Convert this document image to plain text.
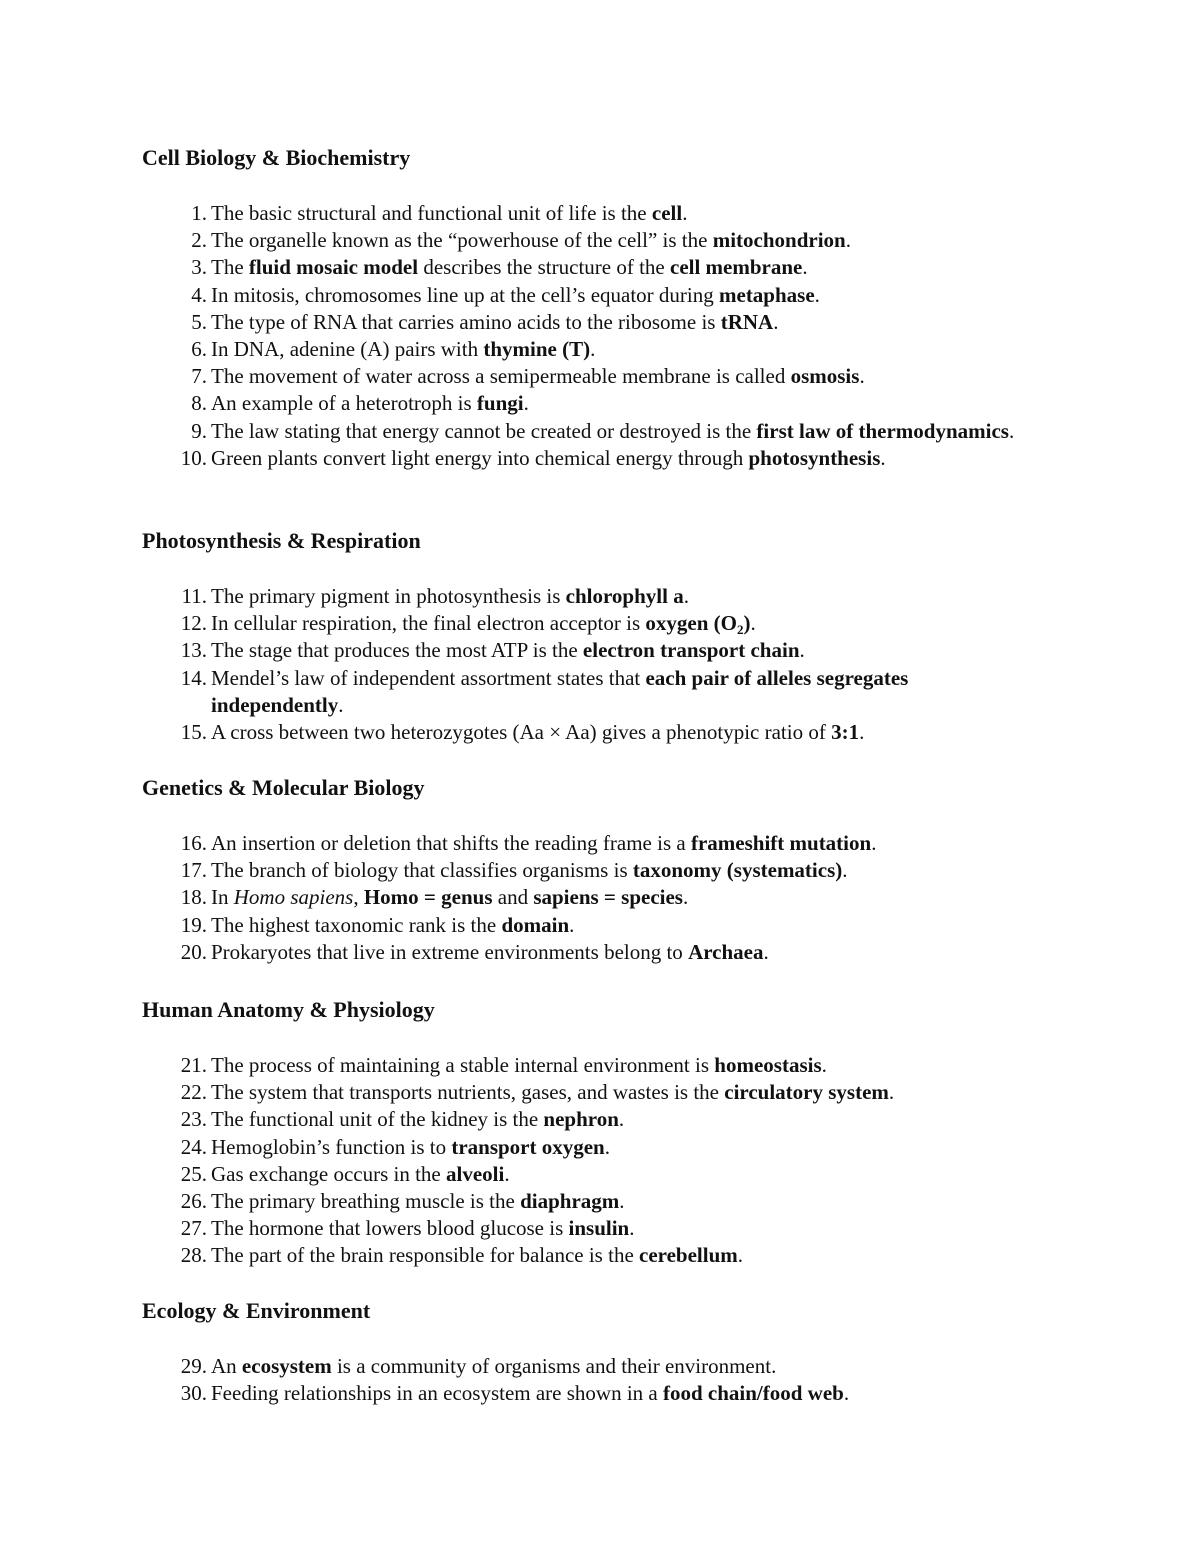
Cell Biology & Biochemistry
1. The basic structural and functional unit of life is the cell.
2. The organelle known as the “powerhouse of the cell” is the mitochondrion.
3. The fluid mosaic model describes the structure of the cell membrane.
4. In mitosis, chromosomes line up at the cell’s equator during metaphase.
5. The type of RNA that carries amino acids to the ribosome is tRNA.
6. In DNA, adenine (A) pairs with thymine (T).
7. The movement of water across a semipermeable membrane is called osmosis.
8. An example of a heterotroph is fungi.
9. The law stating that energy cannot be created or destroyed is the first law of thermodynamics.
10. Green plants convert light energy into chemical energy through photosynthesis.
Photosynthesis & Respiration
11. The primary pigment in photosynthesis is chlorophyll a.
12. In cellular respiration, the final electron acceptor is oxygen $(O_2)$.
13. The stage that produces the most ATP is the electron transport chain.
14. Mendel’s law of independent assortment states that each pair of alleles segregates independently.
15. A cross between two heterozygotes (Aa × Aa) gives a phenotypic ratio of 3:1.
Genetics & Molecular Biology
16. An insertion or deletion that shifts the reading frame is a frameshift mutation.
17. The branch of biology that classifies organisms is taxonomy (systematics).
18. In Homo sapiens, Homo = genus and sapiens = species.
19. The highest taxonomic rank is the domain.
20. Prokaryotes that live in extreme environments belong to Archaea.
Human Anatomy & Physiology
21. The process of maintaining a stable internal environment is homeostasis.
22. The system that transports nutrients, gases, and wastes is the circulatory system.
23. The functional unit of the kidney is the nephron.
24. Hemoglobin’s function is to transport oxygen.
25. Gas exchange occurs in the alveoli.
26. The primary breathing muscle is the diaphragm.
27. The hormone that lowers blood glucose is insulin.
28. The part of the brain responsible for balance is the cerebellum.
Ecology & Environment
29. An ecosystem is a community of organisms and their environment.
30. Feeding relationships in an ecosystem are shown in a food chain/food web.
